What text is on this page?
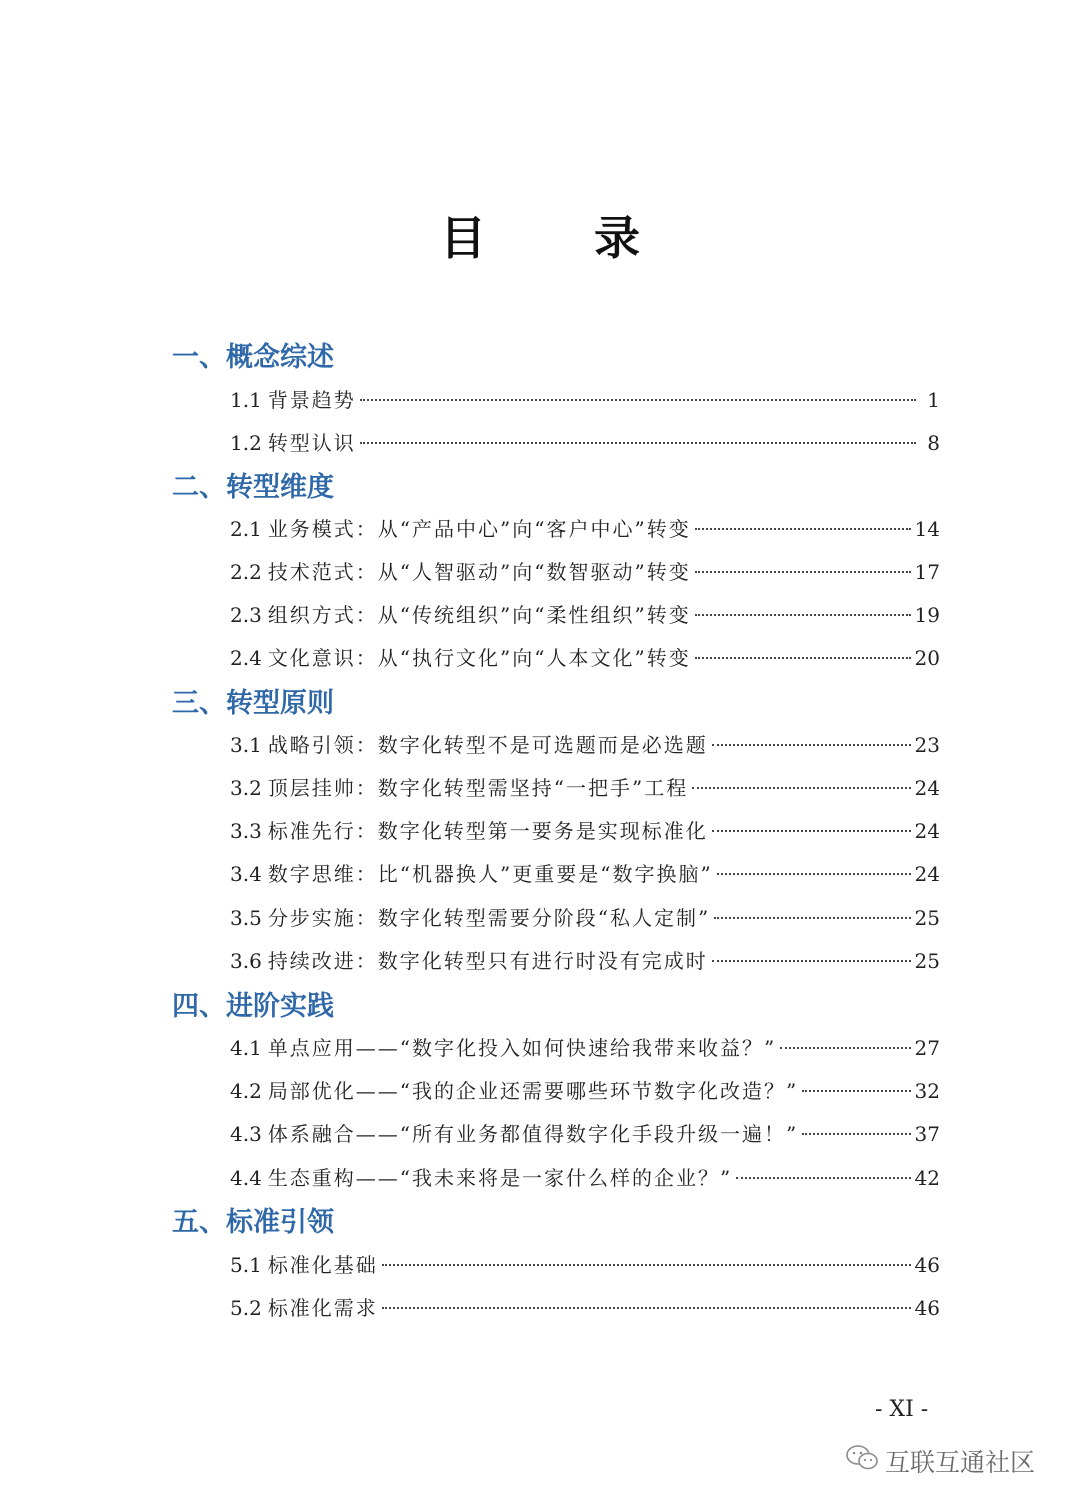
目 录
一、概念综述
1.1 背景趋势	1
1.2 转型认识	8
二、转型维度
2.1 业务模式：从“产品中心”向“客户中心”转变	14
2.2 技术范式：从“人智驱动”向“数智驱动”转变	17
2.3 组织方式：从“传统组织”向“柔性组织”转变	19
2.4 文化意识：从“执行文化”向“人本文化”转变	20
三、转型原则
3.1 战略引领：数字化转型不是可选题而是必选题	23
3.2 顶层挂帅：数字化转型需坚持“一把手”工程	24
3.3 标准先行：数字化转型第一要务是实现标准化	24
3.4 数字思维：比“机器换人”更重要是“数字换脑”	24
3.5 分步实施：数字化转型需要分阶段“私人定制”	25
3.6 持续改进：数字化转型只有进行时没有完成时	25
四、进阶实践
4.1 单点应用——“数字化投入如何快速给我带来收益？”	27
4.2 局部优化——“我的企业还需要哪些环节数字化改造？”	32
4.3 体系融合——“所有业务都值得数字化手段升级一遍！”	37
4.4 生态重构——“我未来将是一家什么样的企业？”	42
五、标准引领
5.1 标准化基础	46
5.2 标准化需求	46
- XI -
互联互通社区
